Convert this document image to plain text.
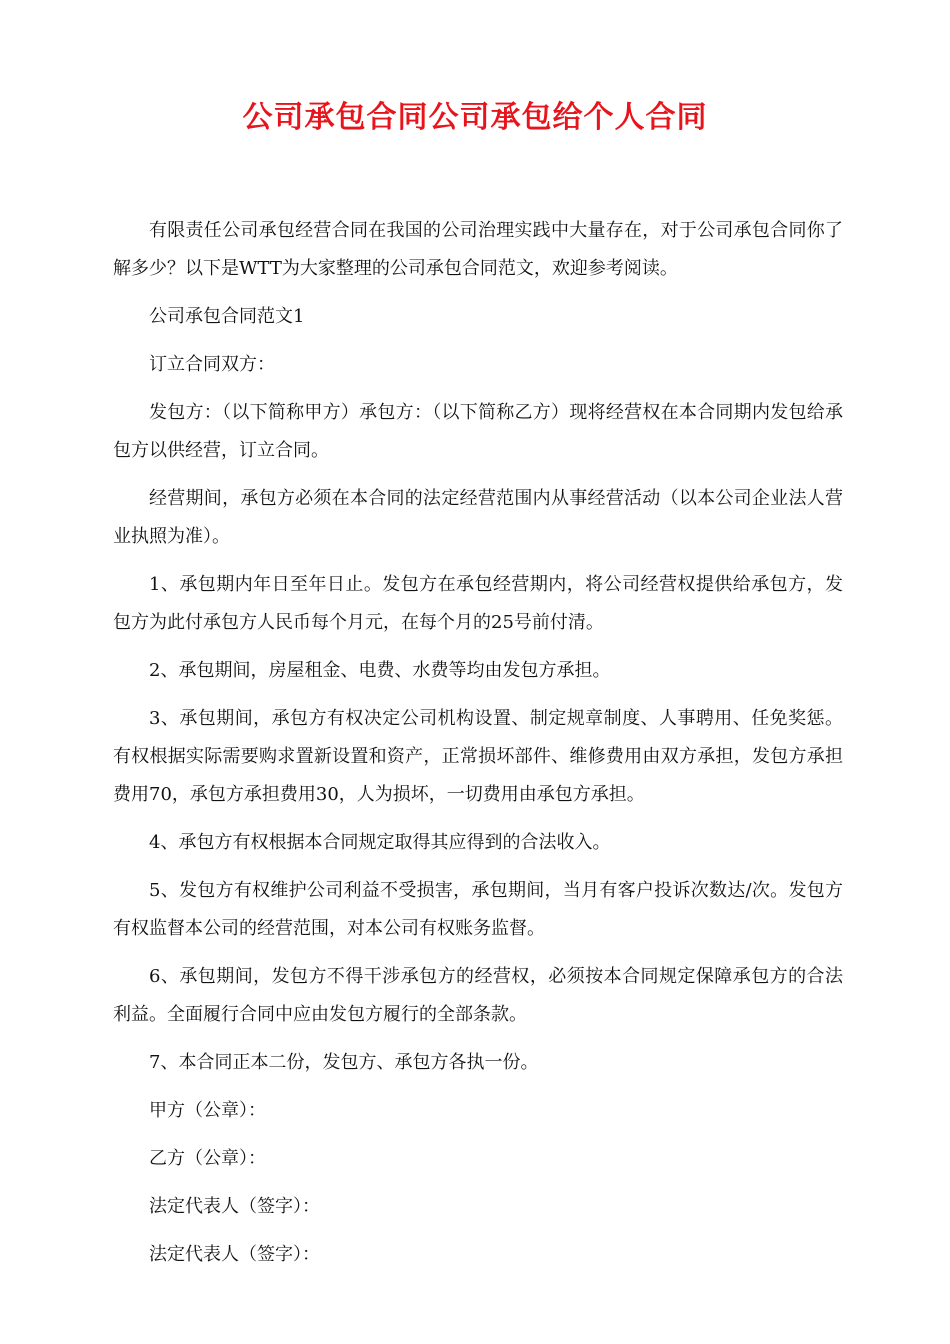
公司承包合同公司承包给个人合同

有限责任公司承包经营合同在我国的公司治理实践中大量存在，对于公司承包合同你了解多少？以下是WTT为大家整理的公司承包合同范文，欢迎参考阅读。

公司承包合同范文1

订立合同双方：

发包方：（以下简称甲方）承包方：（以下简称乙方）现将经营权在本合同期内发包给承包方以供经营，订立合同。

经营期间，承包方必须在本合同的法定经营范围内从事经营活动（以本公司企业法人营业执照为准）。

1、承包期内年日至年日止。发包方在承包经营期内，将公司经营权提供给承包方，发包方为此付承包方人民币每个月元，在每个月的25号前付清。

2、承包期间，房屋租金、电费、水费等均由发包方承担。

3、承包期间，承包方有权决定公司机构设置、制定规章制度、人事聘用、任免奖惩。有权根据实际需要购求置新设置和资产，正常损坏部件、维修费用由双方承担，发包方承担费用70，承包方承担费用30，人为损坏，一切费用由承包方承担。

4、承包方有权根据本合同规定取得其应得到的合法收入。

5、发包方有权维护公司利益不受损害，承包期间，当月有客户投诉次数达/次。发包方有权监督本公司的经营范围，对本公司有权账务监督。

6、承包期间，发包方不得干涉承包方的经营权，必须按本合同规定保障承包方的合法利益。全面履行合同中应由发包方履行的全部条款。

7、本合同正本二份，发包方、承包方各执一份。

甲方（公章）：

乙方（公章）：

法定代表人（签字）：

法定代表人（签字）：
